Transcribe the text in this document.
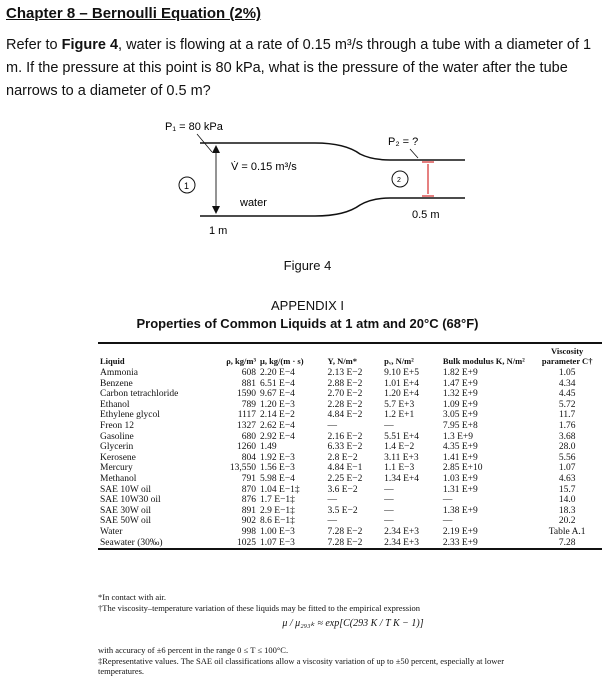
Chapter 8 – Bernoulli Equation (2%)
Refer to Figure 4, water is flowing at a rate of 0.15 m³/s through a tube with a diameter of 1
m. If the pressure at this point is 80 kPa, what is the pressure of the water after the tube
narrows to a diameter of 0.5 m?
P₁ = 80 kPa
V̇ = 0.15 m³/s
water
1
1 m
P₂ = ?
2
0.5 m
Figure 4
APPENDIX I
Properties of Common Liquids at 1 atm and 20°C (68°F)
Liquid	ρ, kg/m³	μ, kg/(m · s)	Y, N/m*	pᵥ, N/m²	Bulk modulus K, N/m²	Viscosity parameter C†
Ammonia	608	2.20 E−4	2.13 E−2	9.10 E+5	1.82 E+9	1.05
Benzene	881	6.51 E−4	2.88 E−2	1.01 E+4	1.47 E+9	4.34
Carbon tetrachloride	1590	9.67 E−4	2.70 E−2	1.20 E+4	1.32 E+9	4.45
Ethanol	789	1.20 E−3	2.28 E−2	5.7 E+3	1.09 E+9	5.72
Ethylene glycol	1117	2.14 E−2	4.84 E−2	1.2 E+1	3.05 E+9	11.7
Freon 12	1327	2.62 E−4	—	—	7.95 E+8	1.76
Gasoline	680	2.92 E−4	2.16 E−2	5.51 E+4	1.3 E+9	3.68
Glycerin	1260	1.49	6.33 E−2	1.4 E−2	4.35 E+9	28.0
Kerosene	804	1.92 E−3	2.8 E−2	3.11 E+3	1.41 E+9	5.56
Mercury	13,550	1.56 E−3	4.84 E−1	1.1 E−3	2.85 E+10	1.07
Methanol	791	5.98 E−4	2.25 E−2	1.34 E+4	1.03 E+9	4.63
SAE 10W oil	870	1.04 E−1‡	3.6 E−2	—	1.31 E+9	15.7
SAE 10W30 oil	876	1.7 E−1‡	—	—	—	14.0
SAE 30W oil	891	2.9 E−1‡	3.5 E−2	—	1.38 E+9	18.3
SAE 50W oil	902	8.6 E−1‡	—	—	—	20.2
Water	998	1.00 E−3	7.28 E−2	2.34 E+3	2.19 E+9	Table A.1
Seawater (30‰)	1025	1.07 E−3	7.28 E−2	2.34 E+3	2.33 E+9	7.28
*In contact with air.
†The viscosity–temperature variation of these liquids may be fitted to the empirical expression
μ / μ₂₉₃ₖ ≈ exp[C(293 K / T K − 1)]
with accuracy of ±6 percent in the range 0 ≤ T ≤ 100°C.
‡Representative values. The SAE oil classifications allow a viscosity variation of up to ±50 percent, especially at lower
temperatures.
